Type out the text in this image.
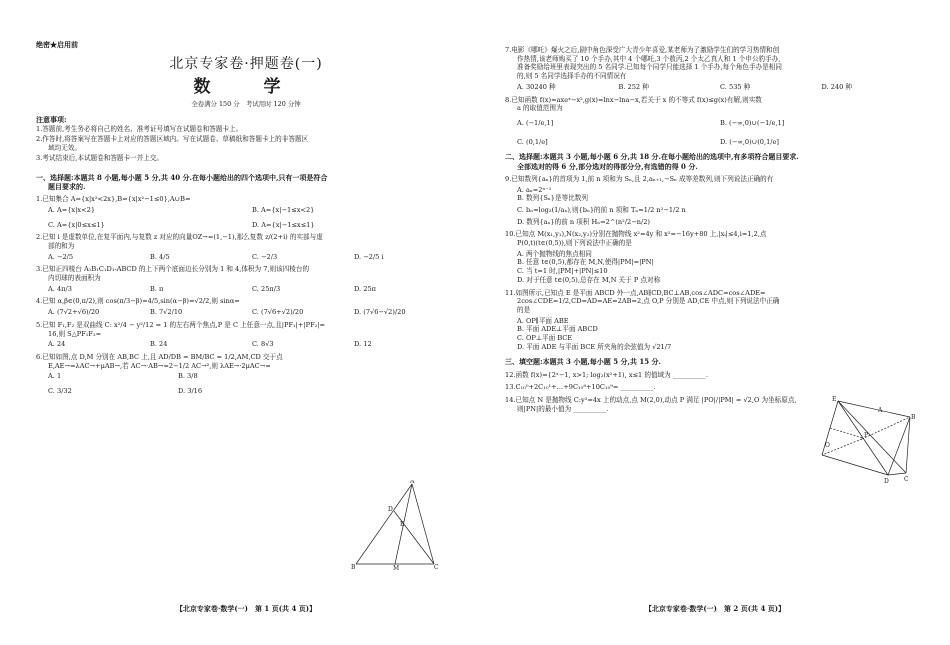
绝密★启用前
北京专家卷·押题卷(一)
数　学
全卷满分 150 分　考试用时 120 分钟
注意事项:
1.答题前,考生务必将自己的姓名、准考证号填写在试题卷和答题卡上。
2.作答时,将答案写在答题卡上对应的答题区域内。写在试题卷、草稿纸和答题卡上的非答题区
域均无效。
3.考试结束后,本试题卷和答题卡一并上交。
一、选择题:本题共 8 小题,每小题 5 分,共 40 分.在每小题给出的四个选项中,只有一项是符合
题目要求的.
1.已知集合 A={x|x²<2x},B={x|x²−1≤0},A∪B=
A. A={x|x<2}	B. A={x|−1≤x<2}
C. A={x|0≤x≤1}	D. A={x|−1≤x≤1}
2.已知 i 是虚数单位,在复平面内,与复数 z 对应的向量OZ→=(1,−1),那么复数 z/(2+i) 的实部与虚
部的和为
A. −2/5	B. 4/5	C. −2/3	D. −2/5 i
3.已知正四棱台 A₁B₁C₁D₁-ABCD 的上下两个底面边长分别为 1 和 4,体积为 7,则该四棱台的
内切球的表面积为
A. 4π/3	B. π	C. 25π/3	D. 25π
4.已知 α,β∈(0,π/2),则 cos(π/3−β)=4/5,sin(α−β)=√2/2,则 sinα=
A. (7√2+√6)/20	B. 7√2/10	C. (7√6+√2)/20	D. (7√6−√2)/20
5.已知 F₁,F₂ 是双曲线 C: x²/4 − y²/12 = 1 的左右两个焦点,P 是 C 上任意一点,且|PF₁|+|PF₂|=
16,则 S△PF₁F₂=
A. 24	B. 24	C. 8√3	D. 12
6.已知如图,点 D,M 分别在 AB,BC 上,且 AD/DB = BM/BC = 1/2,AM,CD 交于点
E,AE→=λAC→+μAB→,若 AC→·AB→=2−1/2 AC→²,则 λAE→·2μAC→=
A. 1	B. 3/8
C. 3/32	D. 3/16
A
B	C
D
E
M
【北京专家卷·数学(一)　第 1 页(共 4 页)】
7.电影《哪吒》爆火之后,剧中角色深受广大青少年喜爱,某老师为了激励学生们的学习热情和创
作热情,该老师购买了 10 个手办,其中 4 个哪吒,3 个敖丙,2 个太乙真人和 1 个申公豹手办,
准备奖励给班里表现突出的 5 名同学.已知每个同学只能选择 1 个手办,每个角色手办是相同
的,则 5 名同学选择手办的不同情况有
A. 30240 种	B. 252 种	C. 535 种	D. 240 种
8.已知函数 f(x)=axeˣ−x²,g(x)=lnx−lna−x,若关于 x 的不等式 f(x)≤g(x)有解,则实数
a 的取值范围为
A. (−1/e,1]	B. (−∞,0)∪(−1/e,1]
C. (0,1/e]	D. (−∞,0)∪(0,1/e]
二、选择题:本题共 3 小题,每小题 6 分,共 18 分.在每小题给出的选项中,有多项符合题目要求.
全部选对的得 6 分,部分选对的得部分分,有选错的得 0 分.
9.已知数列{aₙ}的首项为 1,前 n 项和为 Sₙ,且 2,aₙ₊₁,−Sₙ 成等差数列,则下列说法正确的有
A. aₙ=2ⁿ⁻¹
B. 数列{Sₙ}是等比数列
C. bₙ=log₂(1/aₙ),则{bₙ}的前 n 项和 Tₙ=1/2 n²−1/2 n
D. 数列{aₙ}的前 n 项积 Hₙ=2^(n²/2−n/2)
10.已知点 M(x₁,y₁),N(x₂,y₂)分别在抛物线 x²=4y 和 x²=−16y+80 上,|xᵢ|≤4,i=1,2,点
P(0,t)(t∈(0,5)),则下列说法中正确的是
A. 两个抛物线的焦点相同
B. 任意 t∈(0,5),都存在 M,N,使得|PM|=|PN|
C. 当 t=1 时,|PM|+|PN|≤10
D. 对于任意 t∈(0,5),总存在 M,N 关于 P 点对称
11.如图所示,已知点 E 是平面 ABCD 外一点,AB∥CD,BC⊥AB,cos∠ADC=cos∠ADE=
2cos∠CDE=1/2,CD=AD=AE=2AB=2,点 O,P 分别是 AD,CE 中点,则下列说法中正确
的是
A. OP∥平面 ABE
B. 平面 ADE⊥平面 ABCD
C. OP⊥平面 BCE
D. 平面 ADE 与平面 BCE 所夹角的余弦值为 √21/7
三、填空题:本题共 3 小题,每小题 5 分,共 15 分.
12.函数 f(x)={2ˣ−1, x>1; log₂(x²+1), x≤1 的值域为 __________.
13.C₁₀⁰+2C₁₀¹+…+9C₁₀⁸+10C₁₀⁹= __________.
14.已知点 N 是抛物线 C:y²=4x 上的动点,点 M(2,0),动点 P 满足 |PO|/|PM| = √2,O 为坐标原点,
则|PN|的最小值为 __________.
E
A
B
C
D
O
P
【北京专家卷·数学(一)　第 2 页(共 4 页)】
